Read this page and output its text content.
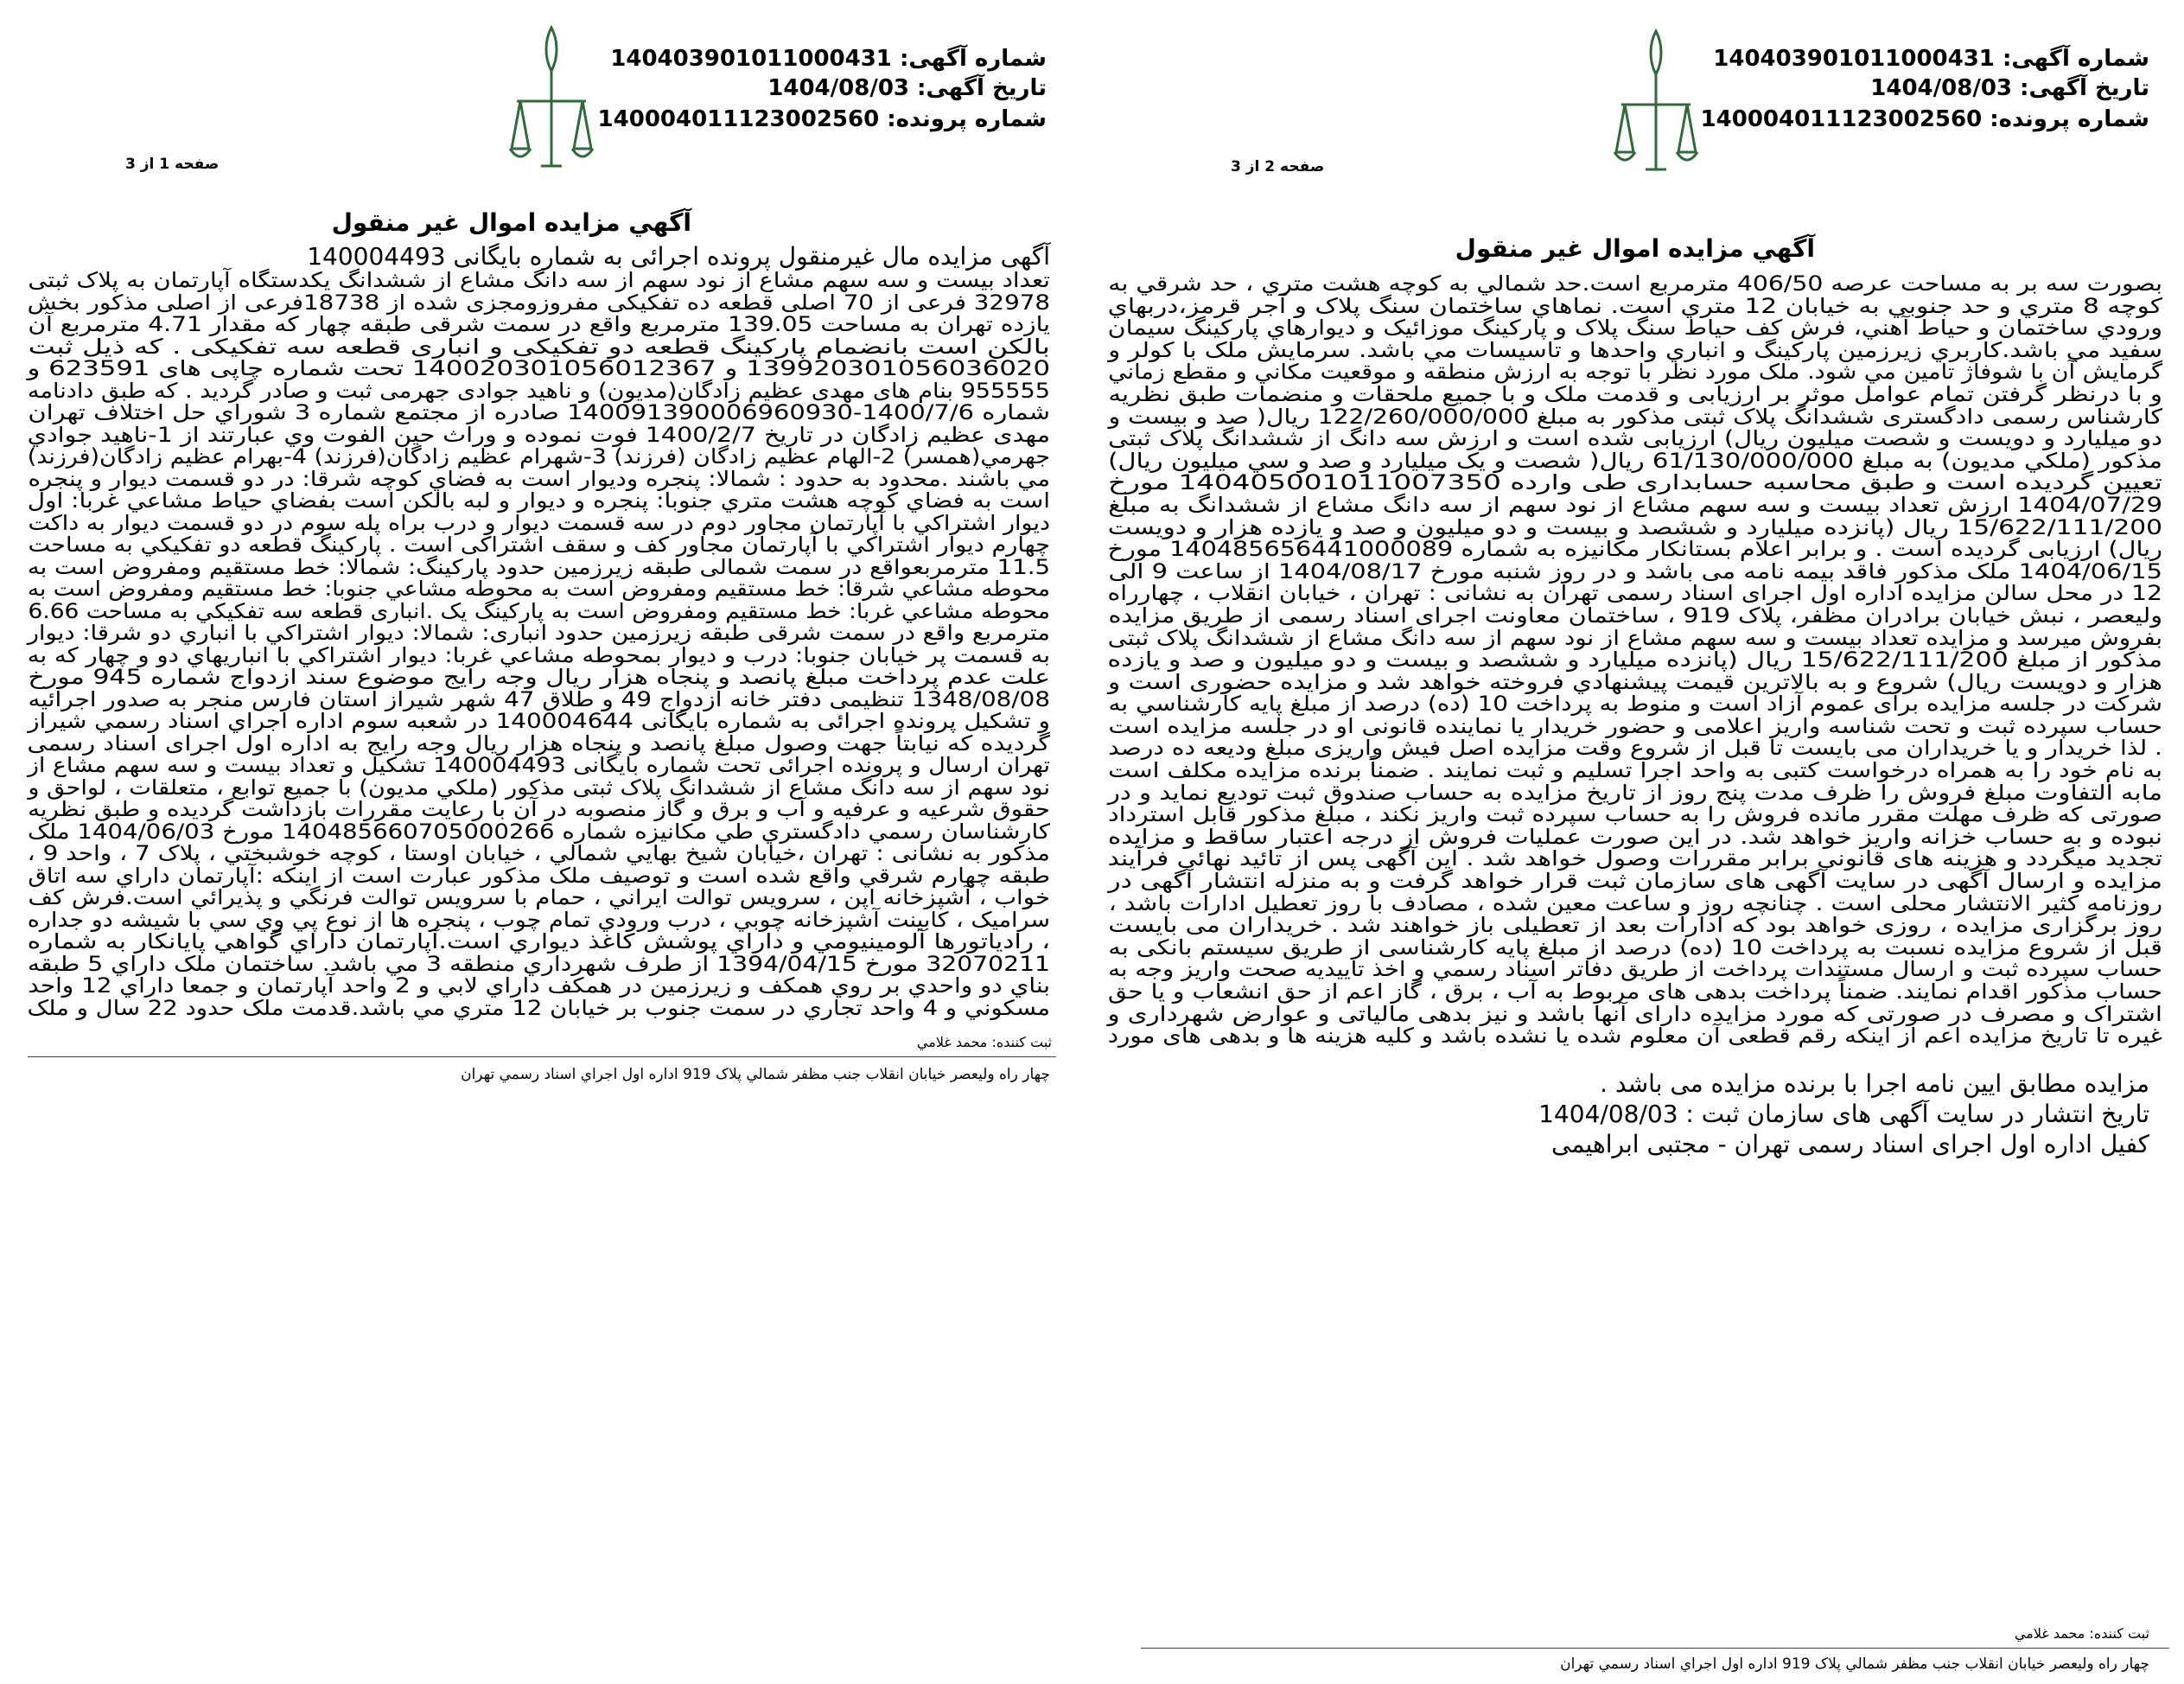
شماره آگهی: 140403901011000431
تاریخ آگهی: 1404/08/03
شماره پرونده: 140004011123002560
صفحه 1 از 3
آگهي مزايده اموال غير منقول
آگهی مزایده مال غیرمنقول پرونده اجرائی به شماره بایگانی 140004493
تعداد بیست و سه سهم مشاع از نود سهم از سه دانگ مشاع از ششدانگ یکدستگاه آپارتمان به پلاک ثبتی
32978 فرعی از 70 اصلی قطعه ده تفکیکی مفروزومجزی شده از 18738فرعی از اصلی مذکور بخش
یازده تهران به مساحت 139.05 مترمربع واقع در سمت شرقی طبقه چهار که مقدار 4.71 مترمربع آن
بالکن است بانضمام پارکینگ قطعه دو تفکیکی و انباری قطعه سه تفکیکی . که ذیل ثبت
139920301056036020 و 140020301056012367 تحت شماره چاپی های 623591 و
955555 بنام های مهدی عظیم زادگان(مدیون) و ناهید جوادی جهرمی ثبت و صادر گردید . که طبق دادنامه
شماره 1400/7/6-140091390006960930 صادره از مجتمع شماره 3 شوراي حل اختلاف تهران
مهدی عظیم زادگان در تاریخ 1400/2/7 فوت نموده و وراث حین الفوت وي عبارتند از 1-ناهید جوادي
جهرمي(همسر) 2-الهام عظیم زادگان (فرزند) 3-شهرام عظیم زادگان(فرزند) 4-بهرام عظیم زادگان(فرزند)
مي باشند .محدود به حدود : شمالا: پنجره وديوار است به فضاي كوچه شرقا: در دو قسمت ديوار و پنجره
است به فضاي كوچه هشت متري جنوبا: پنجره و ديوار و لبه بالكن است بفضاي حياط مشاعي غربا: اول
ديوار اشتراكي با آپارتمان مجاور دوم در سه قسمت ديوار و درب براه پله سوم در دو قسمت ديوار به داكت
چهارم ديوار اشتراكي با آپارتمان مجاور كف و سقف اشتراكی است . پاركينگ قطعه دو تفكيكي به مساحت
11.5 مترمربعواقع در سمت شمالی طبقه زیرزمین حدود پاركينگ: شمالا: خط مستقيم ومفروض است به
محوطه مشاعي شرقا: خط مستقيم ومفروض است به محوطه مشاعي جنوبا: خط مستقيم ومفروض است به
محوطه مشاعي غربا: خط مستقيم ومفروض است به پاركينگ يک .انباری قطعه سه تفكيكي به مساحت 6.66
مترمربع واقع در سمت شرقی طبقه زیرزمین حدود انباری: شمالا: ديوار اشتراكي با انباري دو شرقا: ديوار
به قسمت پر خیابان جنوبا: درب و ديوار بمحوطه مشاعي غربا: ديوار اشتراكي با انباريهاي دو و چهار كه به
علت عدم پرداخت مبلغ پانصد و پنجاه هزار ریال وجه رایج موضوع سند ازدواج شماره 945 مورخ
1348/08/08 تنظیمی دفتر خانه ازدواج 49 و طلاق 47 شهر شیراز استان فارس منجر به صدور اجرائیه
و تشکیل پرونده اجرائی به شماره بایگانی 140004644 در شعبه سوم اداره اجراي اسناد رسمي شيراز
گرديده كه نیابتاً جهت وصول مبلغ پانصد و پنجاه هزار ریال وجه رایج به اداره اول اجرای اسناد رسمی
تهران ارسال و پرونده اجرائی تحت شماره بایگانی 140004493 تشکیل و تعداد بیست و سه سهم مشاع از
نود سهم از سه دانگ مشاع از ششدانگ پلاک ثبتی مذکور (ملكي مديون) با جمیع توابع ، متعلقات ، لواحق و
حقوق شرعیه و عرفیه و آب و برق و گاز منصوبه در آن با رعایت مقررات بازداشت گرديده و طبق نظريه
كارشناسان رسمي دادگستري طي مكانيزه شماره 140485660705000266 مورخ 1404/06/03 ملک
مذكور به نشانی : تهران ،خیابان شیخ بهایي شمالي ، خيابان اوستا ، كوچه خوشبختي ، پلاک 7 ، واحد 9 ،
طبقه چهارم شرقي واقع شده است و توصیف ملک مذكور عبارت است از اينكه :آپارتمان داراي سه اتاق
خواب ، آشپزخانه اپن ، سرويس توالت ايراني ، حمام با سرويس توالت فرنگي و پذيرائي است.فرش كف
سراميک ، كابينت آشپزخانه چوبي ، درب ورودي تمام چوب ، پنجره ها از نوع پي وي سي با شيشه دو جداره
، رادياتورها آلومينيومي و داراي پوشش كاغذ ديواري است.آپارتمان داراي گواهي پايانكار به شماره
32070211 مورخ 1394/04/15 از طرف شهرداري منطقه 3 مي باشد. ساختمان ملک داراي 5 طبقه
بناي دو واحدي بر روي همكف و زيرزمين در همكف داراي لابي و 2 واحد آپارتمان و جمعا داراي 12 واحد
مسكوني و 4 واحد تجاري در سمت جنوب بر خيابان 12 متري مي باشد.قدمت ملک حدود 22 سال و ملک
ثبت کننده: محمد غلامي
چهار راه وليعصر خيابان انقلاب جنب مظفر شمالي پلاک 919 اداره اول اجراي اسناد رسمي تهران
شماره آگهی: 140403901011000431
تاریخ آگهی: 1404/08/03
شماره پرونده: 140004011123002560
صفحه 2 از 3
آگهي مزايده اموال غير منقول
بصورت سه بر به مساحت عرصه 406/50 مترمربع است.حد شمالي به كوچه هشت متري ، حد شرقي به
كوچه 8 متري و حد جنوبي به خيابان 12 متري است. نماهاي ساختمان سنگ پلاک و آجر قرمز،دربهاي
ورودي ساختمان و حياط آهني، فرش كف حياط سنگ پلاک و پاركينگ موزائيک و ديوارهاي پاركينگ سيمان
سفيد مي باشد.كاربري زيرزمين پاركينگ و انباري واحدها و تاسيسات مي باشد. سرمايش ملک با كولر و
گرمايش آن با شوفاژ تامين مي شود. ملک مورد نظر با توجه به ارزش منطقه و موقعيت مكاني و مقطع زماني
و با درنظر گرفتن تمام عوامل موثر بر ارزيابی و قدمت ملک و با جميع ملحقات و منضمات طبق نظريه
كارشناس رسمی دادگستری ششدانگ پلاک ثبتی مذکور به مبلغ 122/260/000/000 ريال( صد و بيست و
دو ميليارد و دويست و شصت ميليون ريال) ارزیابی شده است و ارزش سه دانگ از ششدانگ پلاک ثبتی
مذكور (ملكي مديون) به مبلغ 61/130/000/000 ريال( شصت و يک ميليارد و صد و سي ميليون ريال)
تعيين گرديده است و طبق محاسبه حسابداری طی وارده 140405001011007350 مورخ
1404/07/29 ارزش تعداد بیست و سه سهم مشاع از نود سهم از سه دانگ مشاع از ششدانگ به مبلغ
15/622/111/200 ریال (پانزده ميليارد و ششصد و بيست و دو ميليون و صد و يازده هزار و دويست
ريال) ارزيابی گرديده است . و برابر اعلام بستانكار مكانيزه به شماره 140485656441000089 مورخ
1404/06/15 ملک مذکور فاقد بیمه نامه می باشد و در روز شنبه مورخ 1404/08/17 از ساعت 9 الی
12 در محل سالن مزايده اداره اول اجرای اسناد رسمی تهران به نشانی : تهران ، خيابان انقلاب ، چهارراه
وليعصر ، نبش خيابان برادران مظفر، پلاک 919 ، ساختمان معاونت اجرای اسناد رسمی از طريق مزايده
بفروش ميرسد و مزايده تعداد بيست و سه سهم مشاع از نود سهم از سه دانگ مشاع از ششدانگ پلاک ثبتی
مذكور از مبلغ 15/622/111/200 ريال (پانزده ميليارد و ششصد و بيست و دو ميليون و صد و يازده
هزار و دويست ريال) شروع و به بالاترين قيمت پيشنهادي فروخته خواهد شد و مزايده حضوری است و
شركت در جلسه مزايده برای عموم آزاد است و منوط به پرداخت 10 (ده) درصد از مبلغ پايه كارشناسي به
حساب سپرده ثبت و تحت شناسه واريز اعلامی و حضور خريدار يا نماينده قانونی او در جلسه مزايده است
. لذا خريدار و يا خريداران می بايست تا قبل از شروع وقت مزايده اصل فيش واريزی مبلغ وديعه ده درصد
به نام خود را به همراه درخواست كتبی به واحد اجرا تسليم و ثبت نمايند . ضمناً برنده مزايده مكلف است
مابه التفاوت مبلغ فروش را ظرف مدت پنج روز از تاريخ مزايده به حساب صندوق ثبت توديع نمايد و در
صورتی كه ظرف مهلت مقرر مانده فروش را به حساب سپرده ثبت واريز نكند ، مبلغ مذكور قابل استرداد
نبوده و به حساب خزانه واريز خواهد شد. در اين صورت عمليات فروش از درجه اعتبار ساقط و مزايده
تجديد ميگردد و هزينه های قانونی برابر مقررات وصول خواهد شد . اين آگهی پس از تائيد نهائی فرآيند
مزايده و ارسال آگهی در سايت آگهی های سازمان ثبت قرار خواهد گرفت و به منزله انتشار آگهی در
روزنامه كثير الانتشار محلی است . چنانچه روز و ساعت معين شده ، مصادف با روز تعطيل ادارات باشد ،
روز برگزاری مزايده ، روزی خواهد بود كه ادارات بعد از تعطيلی باز خواهند شد . خريداران می بايست
قبل از شروع مزايده نسبت به پرداخت 10 (ده) درصد از مبلغ پايه كارشناسی از طريق سيستم بانكی به
حساب سپرده ثبت و ارسال مستندات پرداخت از طريق دفاتر اسناد رسمي و اخذ تاييديه صحت واريز وجه به
حساب مذكور اقدام نمايند. ضمناً پرداخت بدهی های مربوط به آب ، برق ، گاز اعم از حق انشعاب و يا حق
اشتراک و مصرف در صورتی كه مورد مزايده دارای آنها باشد و نيز بدهی مالياتی و عوارض شهرداری و
غيره تا تاريخ مزايده اعم از اينكه رقم قطعی آن معلوم شده يا نشده باشد و كليه هزينه ها و بدهی های مورد
مزايده مطابق ايين نامه اجرا با برنده مزايده می باشد .
تاريخ انتشار در سايت آگهی های سازمان ثبت : 1404/08/03
كفيل اداره اول اجرای اسناد رسمی تهران - مجتبی ابراهيمی
ثبت کننده: محمد غلامي
چهار راه وليعصر خيابان انقلاب جنب مظفر شمالي پلاک 919 اداره اول اجراي اسناد رسمي تهران
